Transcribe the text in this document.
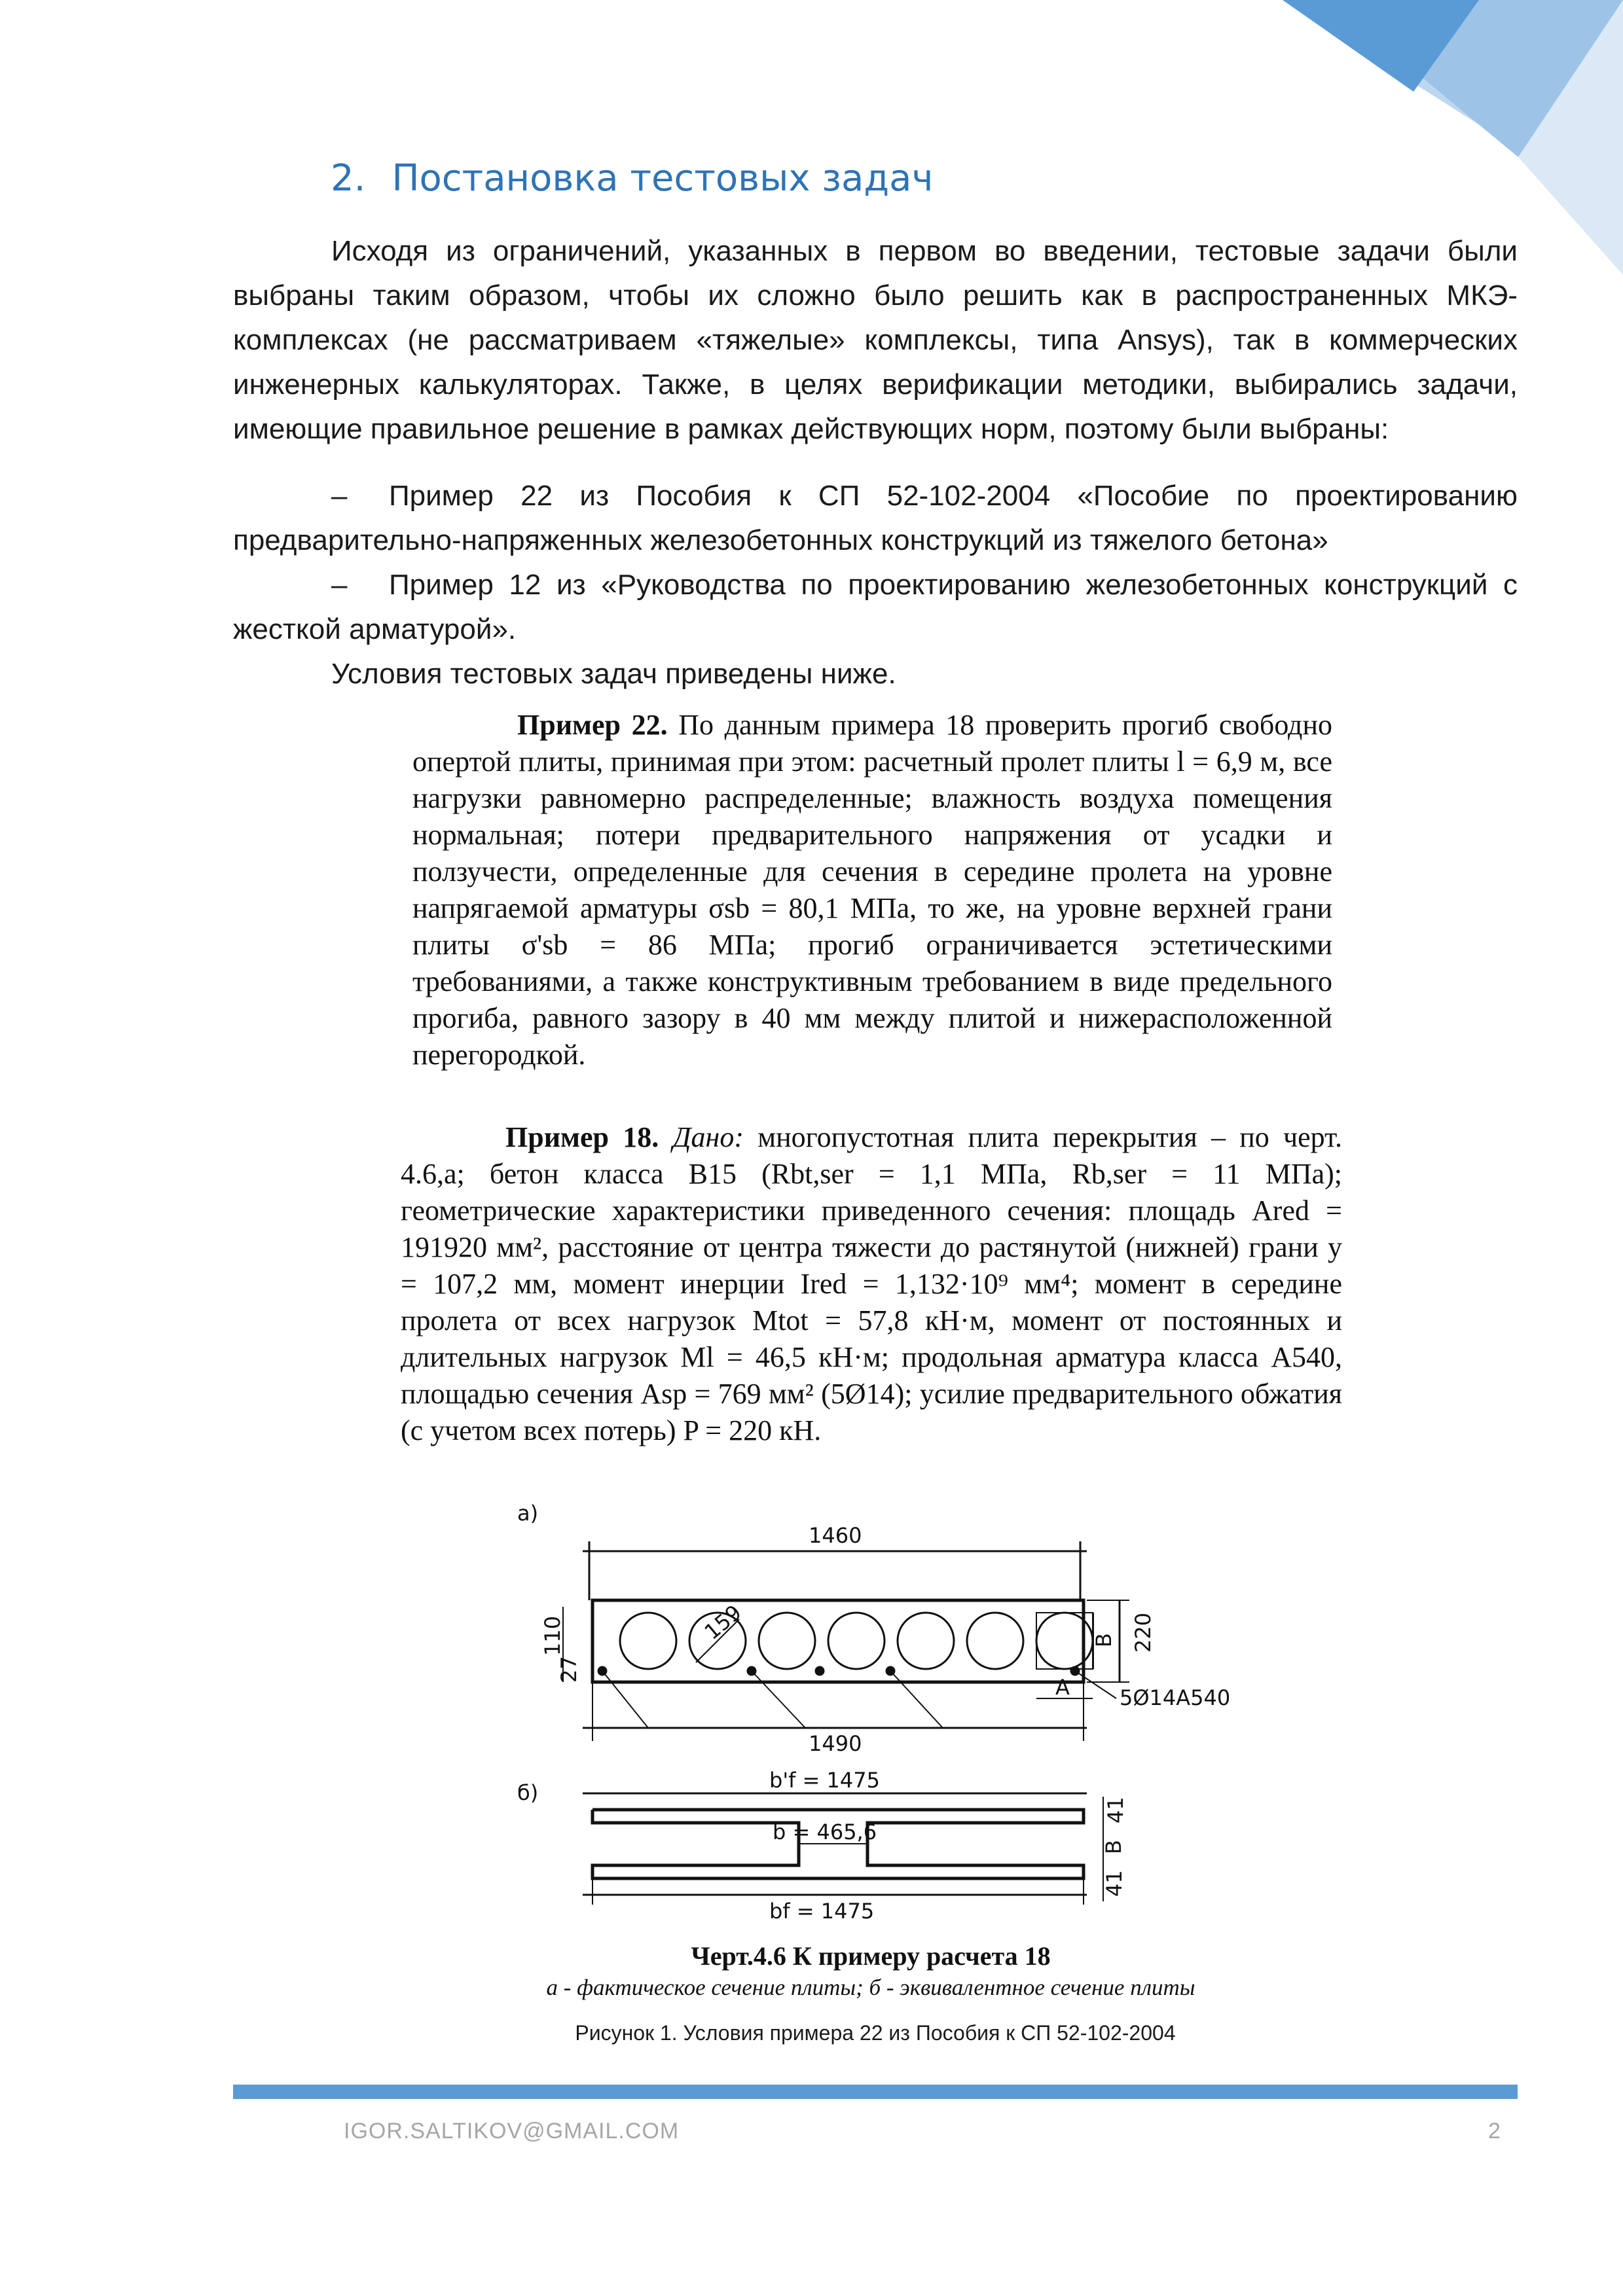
2. Постановка тестовых задач

Исходя из ограничений, указанных в первом во введении, тестовые задачи были выбраны таким образом, чтобы их сложно было решить как в распространенных МКЭ-комплексах (не рассматриваем «тяжелые» комплексы, типа Ansys), так в коммерческих инженерных калькуляторах. Также, в целях верификации методики, выбирались задачи, имеющие правильное решение в рамках действующих норм, поэтому были выбраны:

– Пример 22 из Пособия к СП 52-102-2004 «Пособие по проектированию предварительно-напряженных железобетонных конструкций из тяжелого бетона»

– Пример 12 из «Руководства по проектированию железобетонных конструкций с жесткой арматурой».

Условия тестовых задач приведены ниже.

Пример 22. По данным примера 18 проверить прогиб свободно опертой плиты, принимая при этом: расчетный пролет плиты l = 6,9 м, все нагрузки равномерно распределенные; влажность воздуха помещения нормальная; потери предварительного напряжения от усадки и ползучести, определенные для сечения в середине пролета на уровне напрягаемой арматуры σsb = 80,1 МПа, то же, на уровне верхней грани плиты σ'sb = 86 МПа; прогиб ограничивается эстетическими требованиями, а также конструктивным требованием в виде предельного прогиба, равного зазору в 40 мм между плитой и нижерасположенной перегородкой.

Пример 18. Дано: многопустотная плита перекрытия – по черт. 4.6,а; бетон класса В15 (Rbt,ser = 1,1 МПа, Rb,ser = 11 МПа); геометрические характеристики приведенного сечения: площадь Ared = 191920 мм², расстояние от центра тяжести до растянутой (нижней) грани y = 107,2 мм, момент инерции Ired = 1,132·10⁹ мм⁴; момент в середине пролета от всех нагрузок Mtot = 57,8 кН·м, момент от постоянных и длительных нагрузок Ml = 46,5 кН·м; продольная арматура класса А540, площадью сечения Asp = 769 мм² (5Ø14); усилие предварительного обжатия (с учетом всех потерь) P = 220 кН.

а)
1460
159
5Ø14A540
220
B
A
110
27
1490
б)	b'f = 1475
b = 465,6
41
B
41
bf = 1475

Черт.4.6 К примеру расчета 18

а - фактическое сечение плиты; б - эквивалентное сечение плиты

Рисунок 1. Условия примера 22 из Пособия к СП 52-102-2004

IGOR.SALTIKOV@GMAIL.COM	2
